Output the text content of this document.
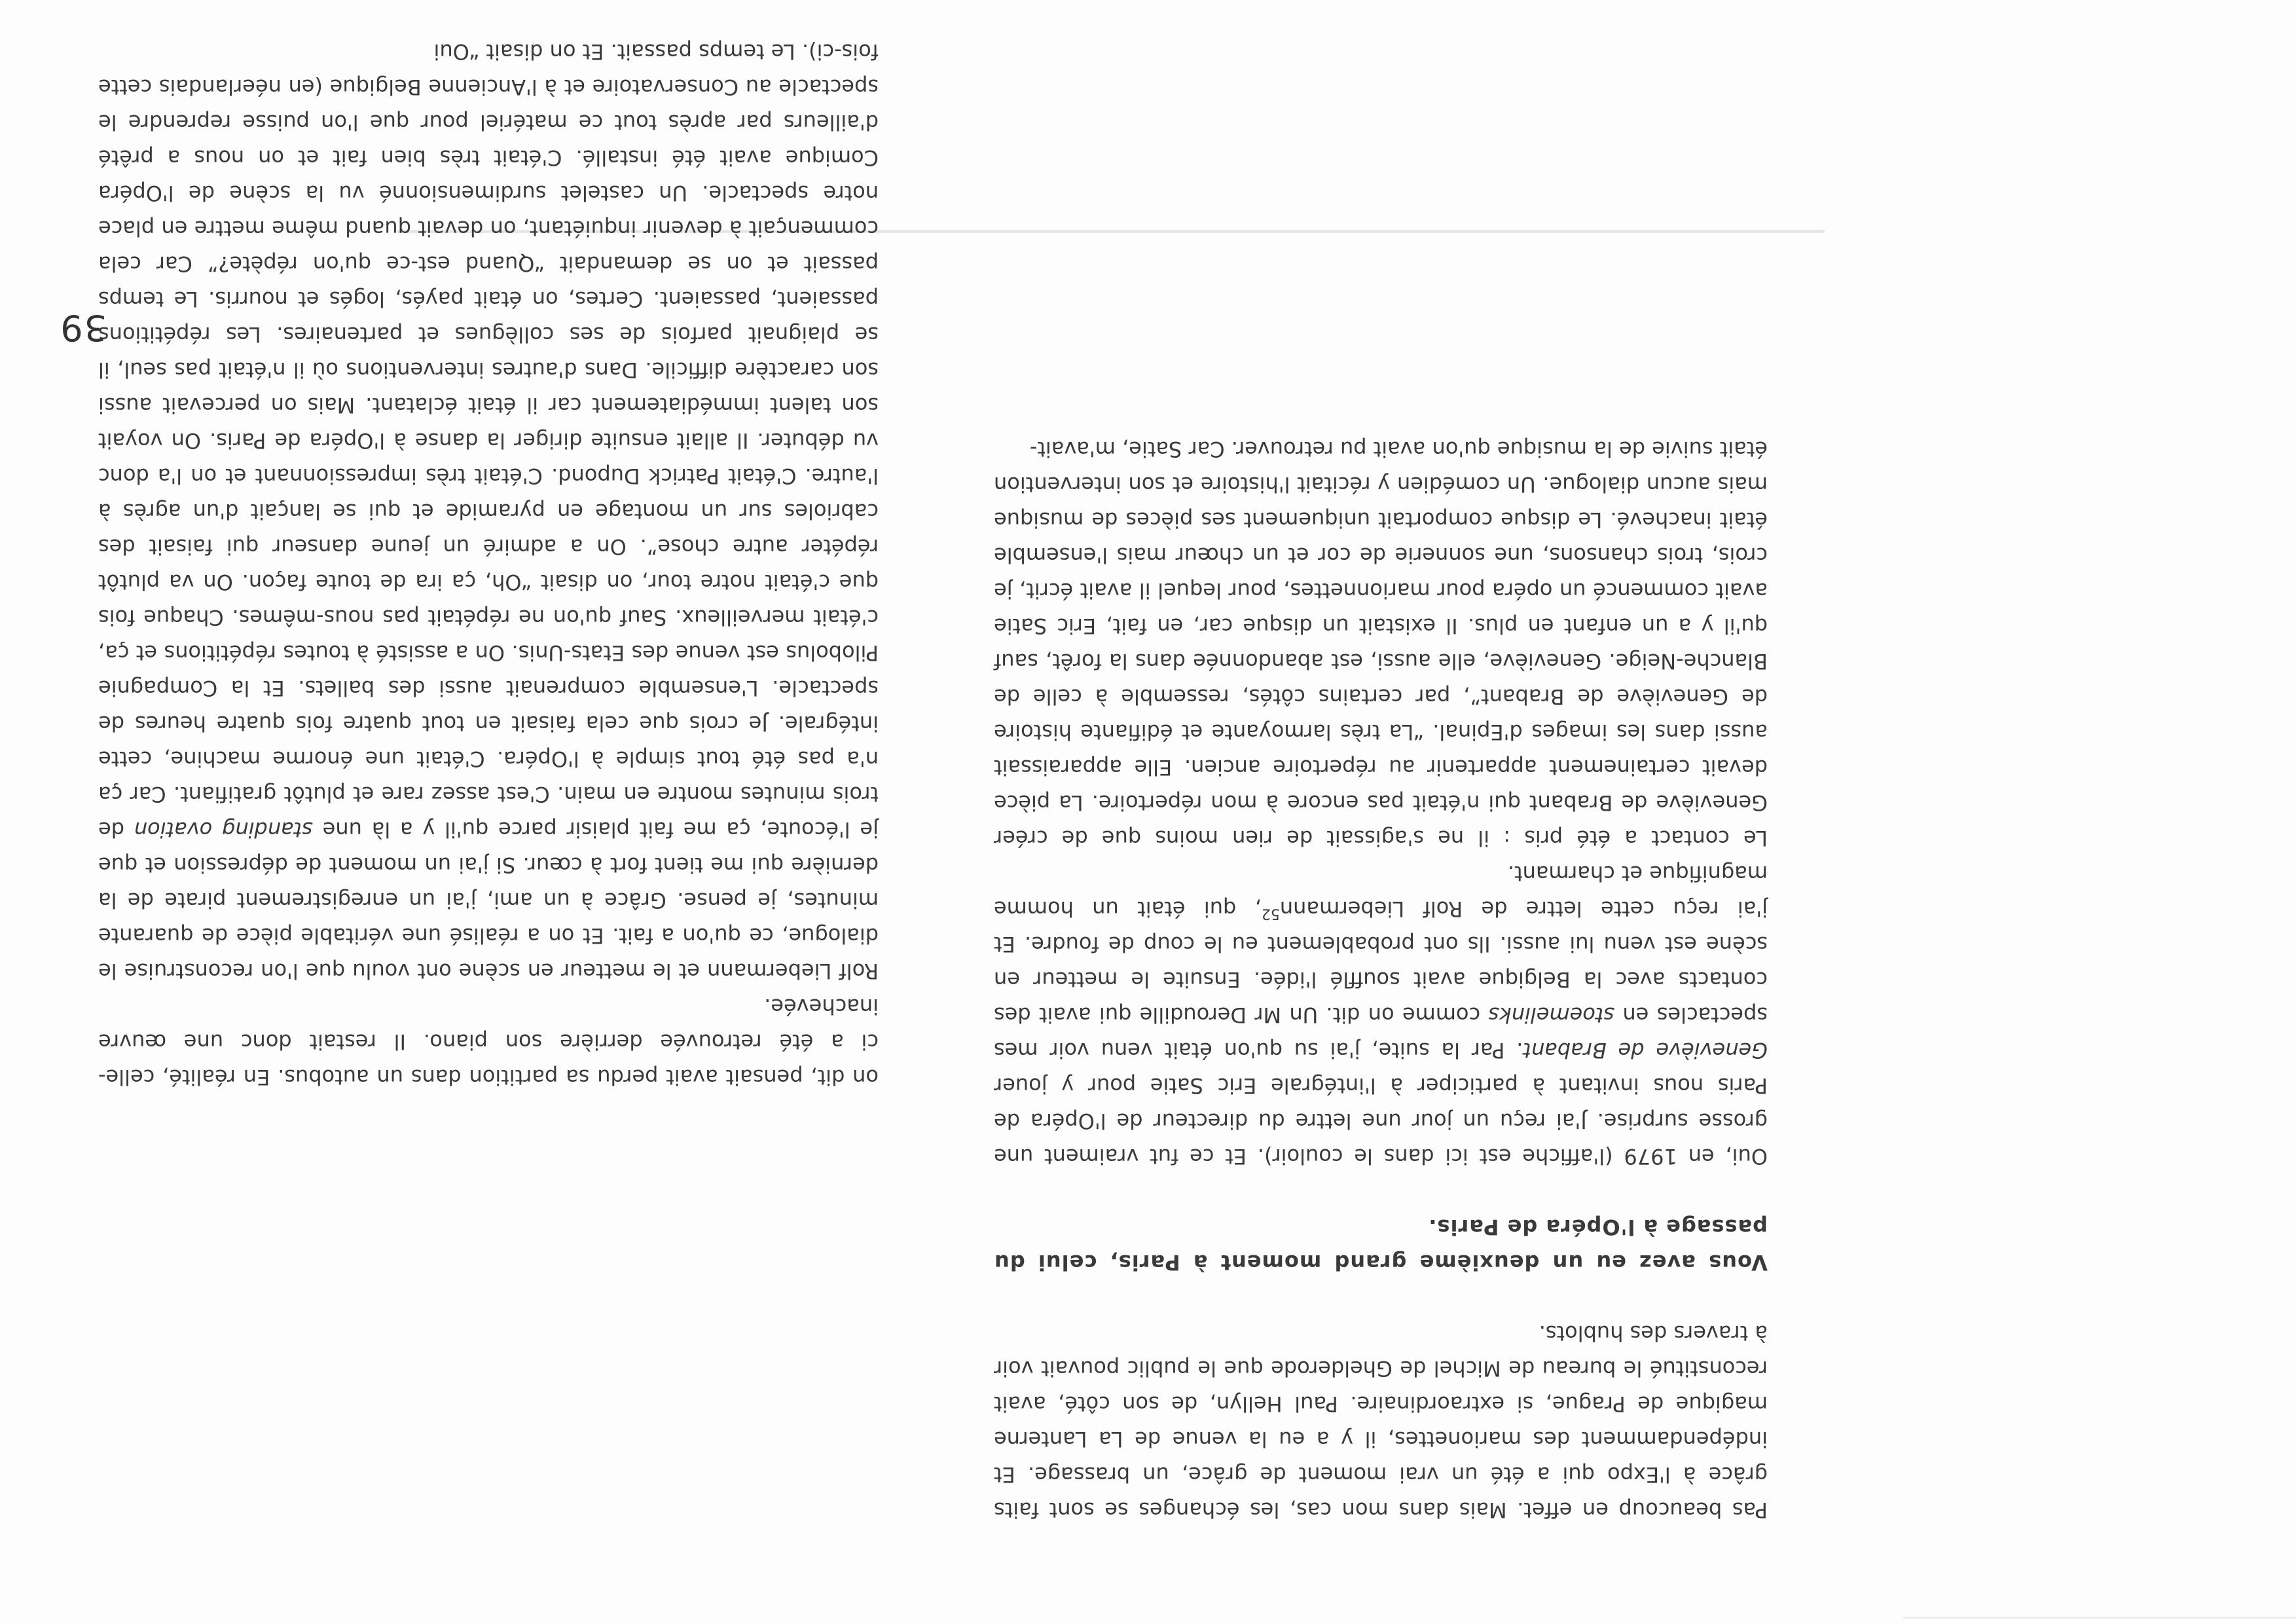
Pas beaucoup en effet. Mais dans mon cas, les échanges se sont faits grâce à l'Expo qui a été un vrai moment de grâce, un brassage. Et indépendamment des marionettes, il y a eu la venue de La Lanterne magique de Prague, si extraordinaire. Paul Hellyn, de son côté, avait reconstitué le bureau de Michel de Ghelderode que le public pouvait voir à travers des hublots.

Vous avez eu un deuxième grand moment à Paris, celui du passage à l'Opéra de Paris.

Oui, en 1979 (l'affiche est ici dans le couloir). Et ce fut vraiment une grosse surprise. J'ai reçu un jour une lettre du directeur de l'Opéra de Paris nous invitant à participer à l'intégrale Eric Satie pour y jouer Geneviève de Brabant. Par la suite, j'ai su qu'on était venu voir mes spectacles en stoemelinks comme on dit. Un Mr Deroudille qui avait des contacts avec la Belgique avait soufflé l'idée. Ensuite le metteur en scène est venu lui aussi. Ils ont probablement eu le coup de foudre. Et j'ai reçu cette lettre de Rolf Liebermann$^{52}$, qui était un homme magnifique et charmant.

Le contact a été pris : il ne s'agissait de rien moins que de créer Geneviève de Brabant qui n'était pas encore à mon répertoire. La pièce devait certainement appartenir au répertoire ancien. Elle apparaissait aussi dans les images d'Epinal. “La très larmoyante et édifiante histoire de Geneviève de Brabant”, par certains côtés, ressemble à celle de Blanche-Neige. Geneviève, elle aussi, est abandonnée dans la forêt, sauf qu'il y a un enfant en plus. Il existait un disque car, en fait, Eric Satie avait commencé un opéra pour marionnettes, pour lequel il avait écrit, je crois, trois chansons, une sonnerie de cor et un chœur mais l'ensemble était inachevé. Le disque comportait uniquement ses pièces de musique mais aucun dialogue. Un comédien y récitait l'histoire et son intervention était suivie de la musique qu'on avait pu retrouver. Car Satie, m'avait-

on dit, pensait avait perdu sa partition dans un autobus. En réalité, celle-ci a été retrouvée derrière son piano. Il restait donc une œuvre inachevée.

Rolf Liebermann et le metteur en scène ont voulu que l'on reconstruise le dialogue, ce qu'on a fait. Et on a réalisé une véritable pièce de quarante minutes, je pense. Grâce à un ami, j'ai un enregistrement pirate de la dernière qui me tient fort à cœur. Si j'ai un moment de dépression et que je l'écoute, ça me fait plaisir parce qu'il y a là une standing ovation de trois minutes montre en main. C'est assez rare et plutôt gratifiant. Car ça n'a pas été tout simple à l'Opéra. C'était une énorme machine, cette intégrale. Je crois que cela faisait en tout quatre fois quatre heures de spectacle. L'ensemble comprenait aussi des ballets. Et la Compagnie Pilobolus est venue des Etats-Unis. On a assisté à toutes répétitions et ça, c'était merveilleux. Sauf qu'on ne répétait pas nous-mêmes. Chaque fois que c'était notre tour, on disait “Oh, ça ira de toute façon. On va plutôt répéter autre chose”. On a admiré un jeune danseur qui faisait des cabrioles sur un montage en pyramide et qui se lançait d'un agrès à l'autre. C'était Patrick Dupond. C'était très impressionnant et on l'a donc vu débuter. Il allait ensuite diriger la danse à l'Opéra de Paris. On voyait son talent immédiatement car il était éclatant. Mais on percevait aussi son caractère difficile. Dans d'autres interventions où il n'était pas seul, il se plaignait parfois de ses collègues et partenaires. Les répétitions passaient, passaient. Certes, on était payés, logés et nourris. Le temps passait et on se demandait “Quand est-ce qu'on répète?” Car cela commençait à devenir inquiétant, on devait quand même mettre en place notre spectacle. Un castelet surdimensionné vu la scène de l'Opéra Comique avait été installé. C'était très bien fait et on nous a prêté d'ailleurs par après tout ce matériel pour que l'on puisse reprendre le spectacle au Conservatoire et à l'Ancienne Belgique (en néerlandais cette fois-ci). Le temps passait. Et on disait “Oui

39
